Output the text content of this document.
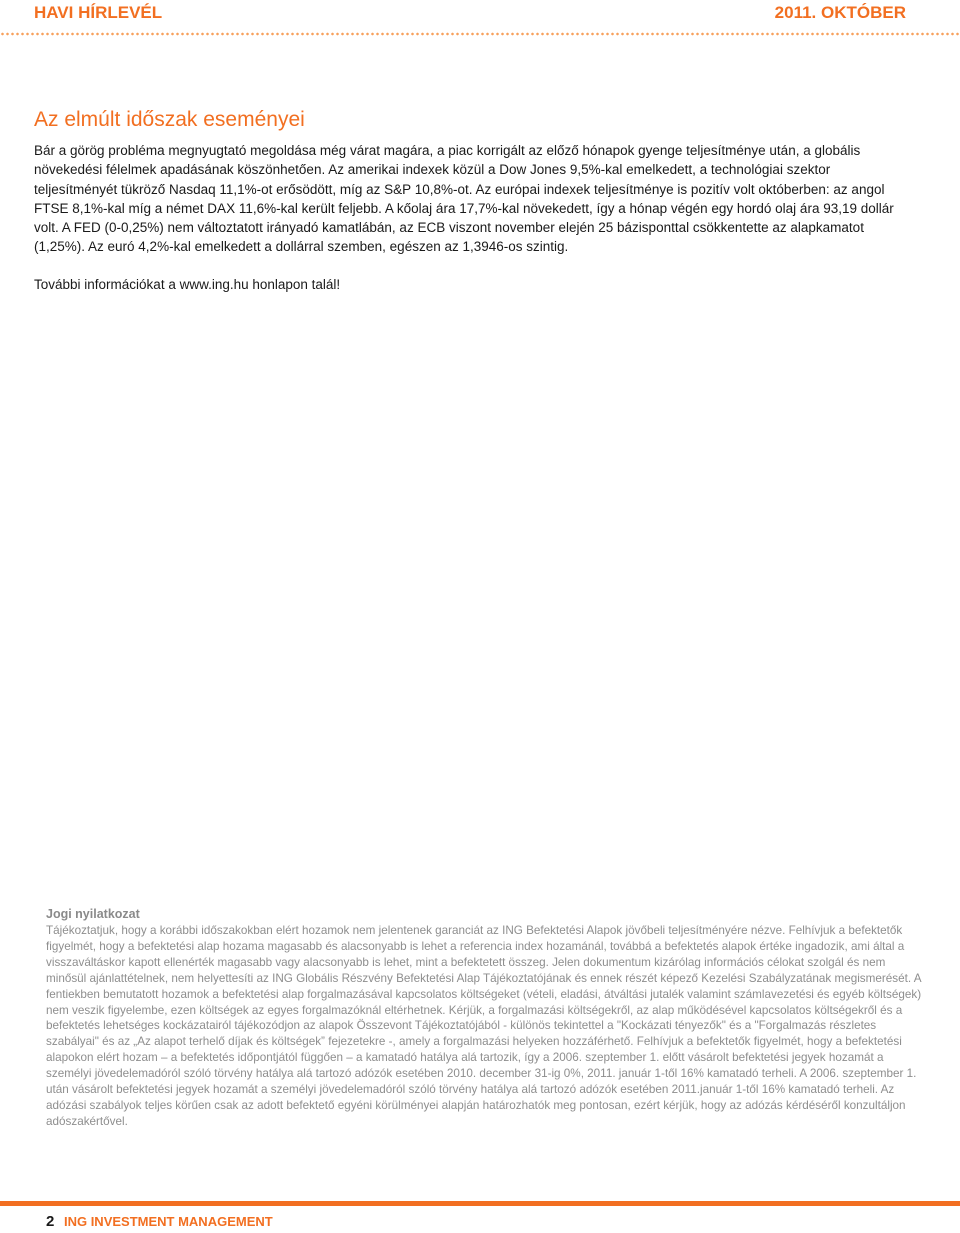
HAVI HÍRLEVÉL	2011. OKTÓBER
Az elmúlt időszak eseményei

Bár a görög probléma megnyugtató megoldása még várat magára, a piac korrigált az előző hónapok gyenge teljesítménye után, a globális növekedési félelmek apadásának köszönhetően. Az amerikai indexek közül a Dow Jones 9,5%-kal emelkedett, a technológiai szektor teljesítményét tükröző Nasdaq 11,1%-ot erősödött, míg az S&P 10,8%-ot. Az európai indexek teljesítménye is pozitív volt októberben: az angol FTSE 8,1%-kal míg a német DAX 11,6%-kal került feljebb. A kőolaj ára 17,7%-kal növekedett, így a hónap végén egy hordó olaj ára 93,19 dollár volt. A FED (0-0,25%) nem változtatott irányadó kamatlábán, az ECB viszont november elején 25 bázisponttal csökkentette az alapkamatot (1,25%). Az euró 4,2%-kal emelkedett a dollárral szemben, egészen az 1,3946-os szintig.

További információkat a www.ing.hu honlapon talál!

Jogi nyilatkozat

Tájékoztatjuk, hogy a korábbi időszakokban elért hozamok nem jelentenek garanciát az ING Befektetési Alapok jövőbeli teljesítményére nézve. Felhívjuk a befektetők figyelmét, hogy a befektetési alap hozama magasabb és alacsonyabb is lehet a referencia index hozamánál, továbbá a befektetés alapok értéke ingadozik, ami által a visszaváltáskor kapott ellenérték magasabb vagy alacsonyabb is lehet, mint a befektetett összeg. Jelen dokumentum kizárólag információs célokat szolgál és nem minősül ajánlattételnek, nem helyettesíti az ING Globális Részvény Befektetési Alap Tájékoztatójának és ennek részét képező Kezelési Szabályzatának megismerését. A fentiekben bemutatott hozamok a befektetési alap forgalmazásával kapcsolatos költségeket (vételi, eladási, átváltási jutalék valamint számlavezetési és egyéb költségek) nem veszik figyelembe, ezen költségek az egyes forgalmazóknál eltérhetnek. Kérjük, a forgalmazási költségekről, az alap működésével kapcsolatos költségekről és a befektetés lehetséges kockázatairól tájékozódjon az alapok Összevont Tájékoztatójából - különös tekintettel a "Kockázati tényezők" és a "Forgalmazás részletes szabályai" és az „Az alapot terhelő díjak és költségek” fejezetekre -, amely a forgalmazási helyeken hozzáférhető. Felhívjuk a befektetők figyelmét, hogy a befektetési alapokon elért hozam – a befektetés időpontjától függően – a kamatadó hatálya alá tartozik, így a 2006. szeptember 1. előtt vásárolt befektetési jegyek hozamát a személyi jövedelemadóról szóló törvény hatálya alá tartozó adózók esetében 2010. december 31-ig 0%, 2011. január 1-től 16% kamatadó terheli. A 2006. szeptember 1. után vásárolt befektetési jegyek hozamát a személyi jövedelemadóról szóló törvény hatálya alá tartozó adózók esetében 2011.január 1-től 16% kamatadó terheli. Az adózási szabályok teljes körűen csak az adott befektető egyéni körülményei alapján határozhatók meg pontosan, ezért kérjük, hogy az adózás kérdéséről konzultáljon adószakértővel.

2 ING INVESTMENT MANAGEMENT
